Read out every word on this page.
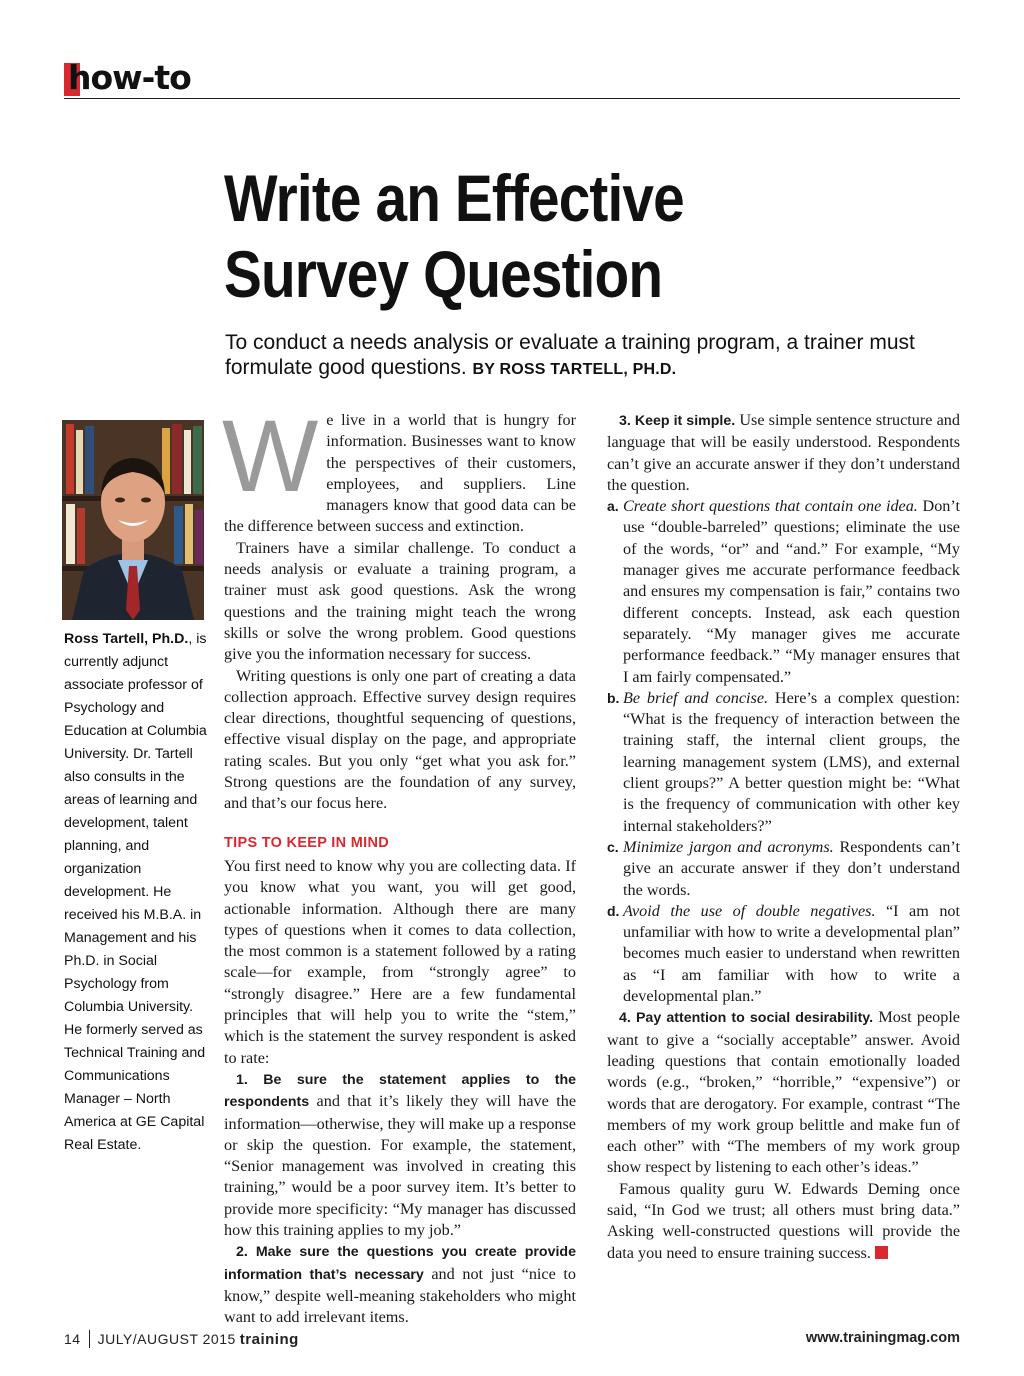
how-to
Write an Effective
Survey Question

To conduct a needs analysis or evaluate a training program, a trainer must formulate good questions. BY ROSS TARTELL, PH.D.

Ross Tartell, Ph.D., is currently adjunct associate professor of Psychology and Education at Columbia University. Dr. Tartell also consults in the areas of learning and development, talent planning, and organization development. He received his M.B.A. in Management and his Ph.D. in Social Psychology from Columbia University. He formerly served as Technical Training and Communications Manager – North America at GE Capital Real Estate.

We live in a world that is hungry for information. Businesses want to know the perspectives of their customers, employees, and suppliers. Line managers know that good data can be the difference between success and extinction.

Trainers have a similar challenge. To conduct a needs analysis or evaluate a training program, a trainer must ask good questions. Ask the wrong questions and the training might teach the wrong skills or solve the wrong problem. Good questions give you the information necessary for success.

Writing questions is only one part of creating a data collection approach. Effective survey design requires clear directions, thoughtful sequencing of questions, effective visual display on the page, and appropriate rating scales. But you only “get what you ask for.” Strong questions are the foundation of any survey, and that’s our focus here.

TIPS TO KEEP IN MIND

You first need to know why you are collecting data. If you know what you want, you will get good, actionable information. Although there are many types of questions when it comes to data collection, the most common is a statement followed by a rating scale—for example, from “strongly agree” to “strongly disagree.” Here are a few fundamental principles that will help you to write the “stem,” which is the statement the survey respondent is asked to rate:

1. Be sure the statement applies to the respondents and that it’s likely they will have the information—otherwise, they will make up a response or skip the question. For example, the statement, “Senior management was involved in creating this training,” would be a poor survey item. It’s better to provide more specificity: “My manager has discussed how this training applies to my job.”

2. Make sure the questions you create provide information that’s necessary and not just “nice to know,” despite well-meaning stakeholders who might want to add irrelevant items.

3. Keep it simple. Use simple sentence structure and language that will be easily understood. Respondents can’t give an accurate answer if they don’t understand the question.

a. Create short questions that contain one idea. Don’t use “double-barreled” questions; eliminate the use of the words, “or” and “and.” For example, “My manager gives me accurate performance feedback and ensures my compensation is fair,” contains two different concepts. Instead, ask each question separately. “My manager gives me accurate performance feedback.” “My manager ensures that I am fairly compensated.”

b. Be brief and concise. Here’s a complex question: “What is the frequency of interaction between the training staff, the internal client groups, the learning management system (LMS), and external client groups?” A better question might be: “What is the frequency of communication with other key internal stakeholders?”

c. Minimize jargon and acronyms. Respondents can’t give an accurate answer if they don’t understand the words.

d. Avoid the use of double negatives. “I am not unfamiliar with how to write a developmental plan” becomes much easier to understand when rewritten as “I am familiar with how to write a developmental plan.”

4. Pay attention to social desirability. Most people want to give a “socially acceptable” answer. Avoid leading questions that contain emotionally loaded words (e.g., “broken,” “horrible,” “expensive”) or words that are derogatory. For example, contrast “The members of my work group belittle and make fun of each other” with “The members of my work group show respect by listening to each other’s ideas.”

Famous quality guru W. Edwards Deming once said, “In God we trust; all others must bring data.” Asking well-constructed questions will provide the data you need to ensure training success.

14 JULY/AUGUST 2015 training	www.trainingmag.com
